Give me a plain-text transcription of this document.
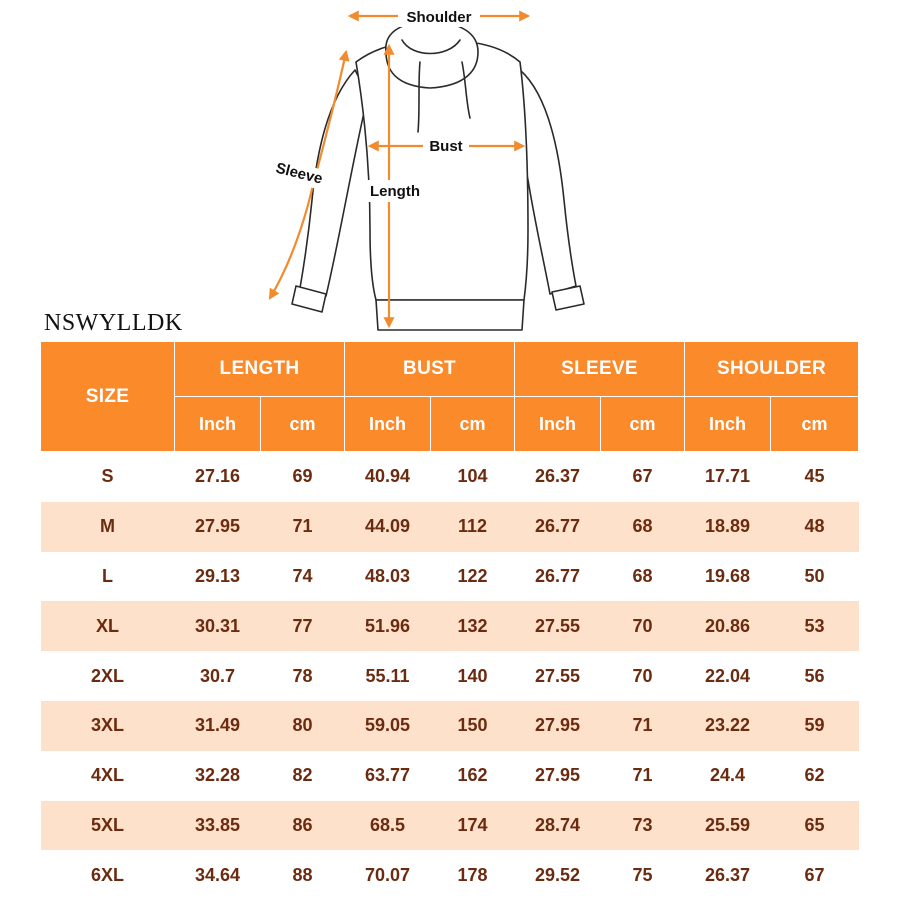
Shoulder
Bust
Length
Sleeve
NSWYLLDK
SIZE	LENGTH		BUST		SLEEVE		SHOULDER	
	Inch	cm	Inch	cm	Inch	cm	Inch	cm
S	27.16	69	40.94	104	26.37	67	17.71	45
M	27.95	71	44.09	112	26.77	68	18.89	48
L	29.13	74	48.03	122	26.77	68	19.68	50
XL	30.31	77	51.96	132	27.55	70	20.86	53
2XL	30.7	78	55.11	140	27.55	70	22.04	56
3XL	31.49	80	59.05	150	27.95	71	23.22	59
4XL	32.28	82	63.77	162	27.95	71	24.4	62
5XL	33.85	86	68.5	174	28.74	73	25.59	65
6XL	34.64	88	70.07	178	29.52	75	26.37	67
